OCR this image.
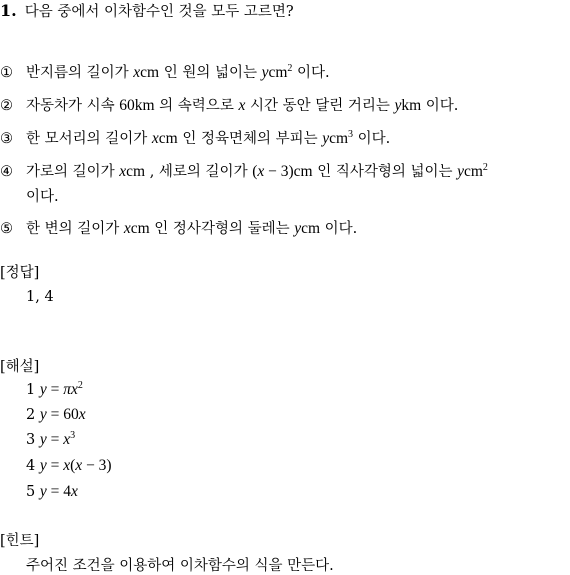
1. 다음 중에서 이차함수인 것을 모두 고르면?
① 반지름의 길이가 xcm 인 원의 넓이는 ycm$^2$ 이다.
② 자동차가 시속 60km 의 속력으로 x 시간 동안 달린 거리는 ykm 이다.
③ 한 모서리의 길이가 xcm 인 정육면체의 부피는 ycm$^3$ 이다.
④ 가로의 길이가 xcm , 세로의 길이가 (x − 3)cm 인 직사각형의 넓이는 ycm$^2$
이다.
⑤ 한 변의 길이가 xcm 인 정사각형의 둘레는 ycm 이다.
[정답]
1, 4
[해설]
1 $y = \pi x^2$
2 y = 60x
3 $y = x^3$
4 y = x(x − 3)
5 y = 4x
[힌트]
주어진 조건을 이용하여 이차함수의 식을 만든다.
